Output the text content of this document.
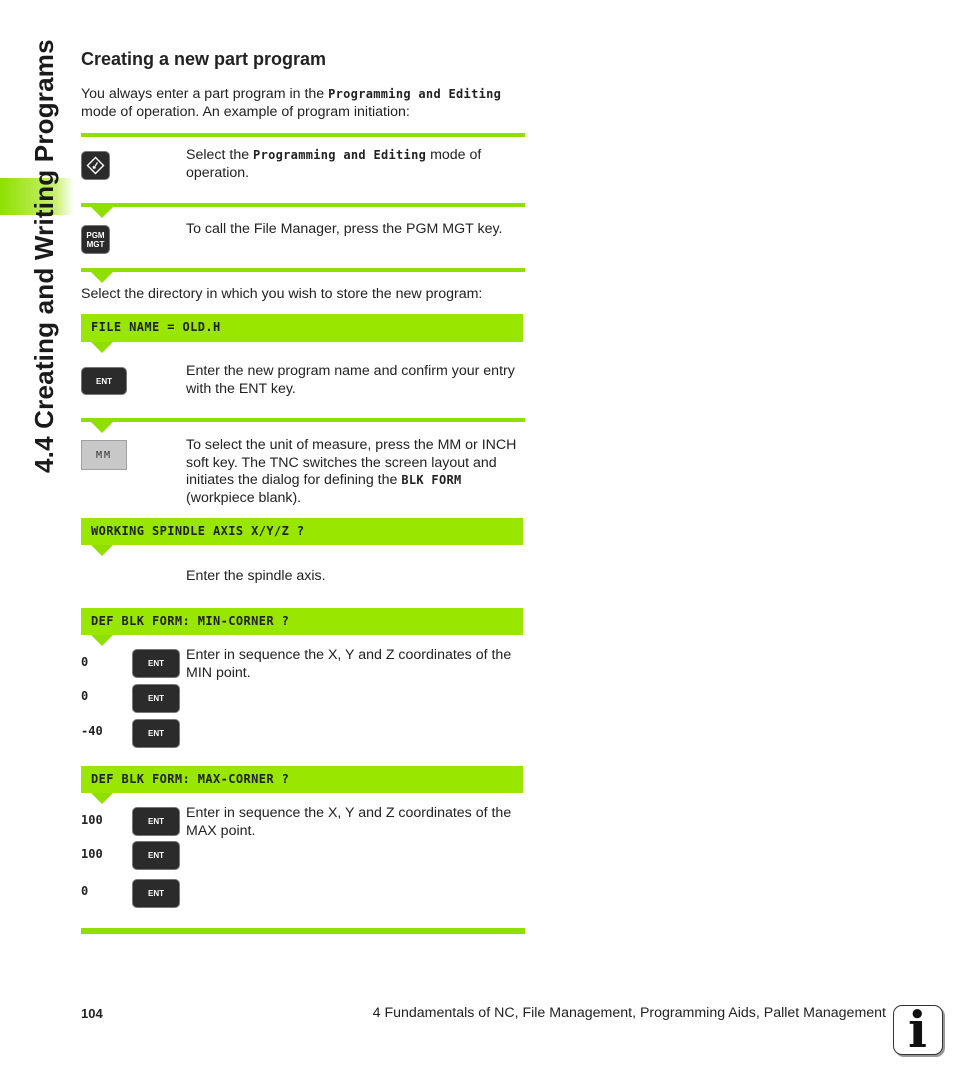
4.4 Creating and Writing Programs Creating a new part program
You always enter a part program in the Programming and Editing
mode of operation. An example of program initiation:
Select the Programming and Editing mode of
operation.
PGM
MGT
To call the File Manager, press the PGM MGT key.
Select the directory in which you wish to store the new program:
FILE NAME = OLD.H
ENT
Enter the new program name and confirm your entry
with the ENT key.
MM
To select the unit of measure, press the MM or INCH
soft key. The TNC switches the screen layout and
initiates the dialog for defining the BLK FORM
(workpiece blank).
WORKING SPINDLE AXIS X/Y/Z ?
Enter the spindle axis.
DEF BLK FORM: MIN-CORNER ?
0	ENT
Enter in sequence the X, Y and Z coordinates of the
MIN point.
0	ENT
-40	ENT
DEF BLK FORM: MAX-CORNER ?
100	ENT
Enter in sequence the X, Y and Z coordinates of the
MAX point.
100	ENT
0	ENT
104	4 Fundamentals of NC, File Management, Programming Aids, Pallet Management i
